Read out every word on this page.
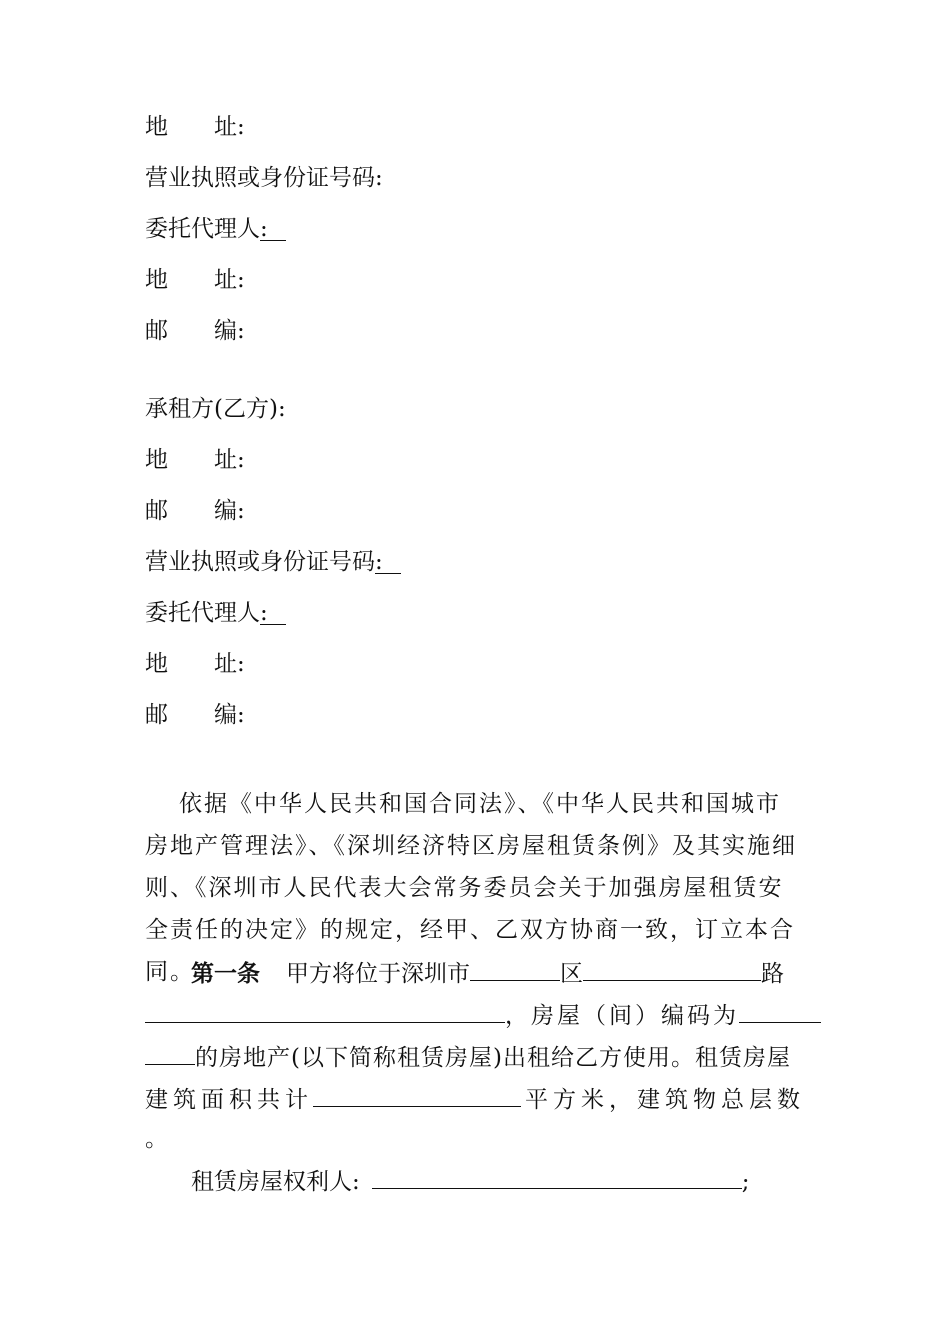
地　　址:
营业执照或身份证号码:
委托代理人:
地　　址:
邮　　编:
承租方(乙方):
地　　址:
邮　　编:
营业执照或身份证号码:
委托代理人:
地　　址:
邮　　编:
依据《中华人民共和国合同法》、《中华人民共和国城市房地产管理法》、《深圳经济特区房屋租赁条例》及其实施细则、《深圳市人民代表大会常务委员会关于加强房屋租赁安全责任的决定》的规定，经甲、乙双方协商一致，订立本合同。
第一条 甲方将位于深圳市	区	路
，房屋（间）编码为
的房地产(以下简称租赁房屋)出租给乙方使用。租赁房屋
建筑面积共计	平方米，建筑物总层数
。
租赁房屋权利人:	;
